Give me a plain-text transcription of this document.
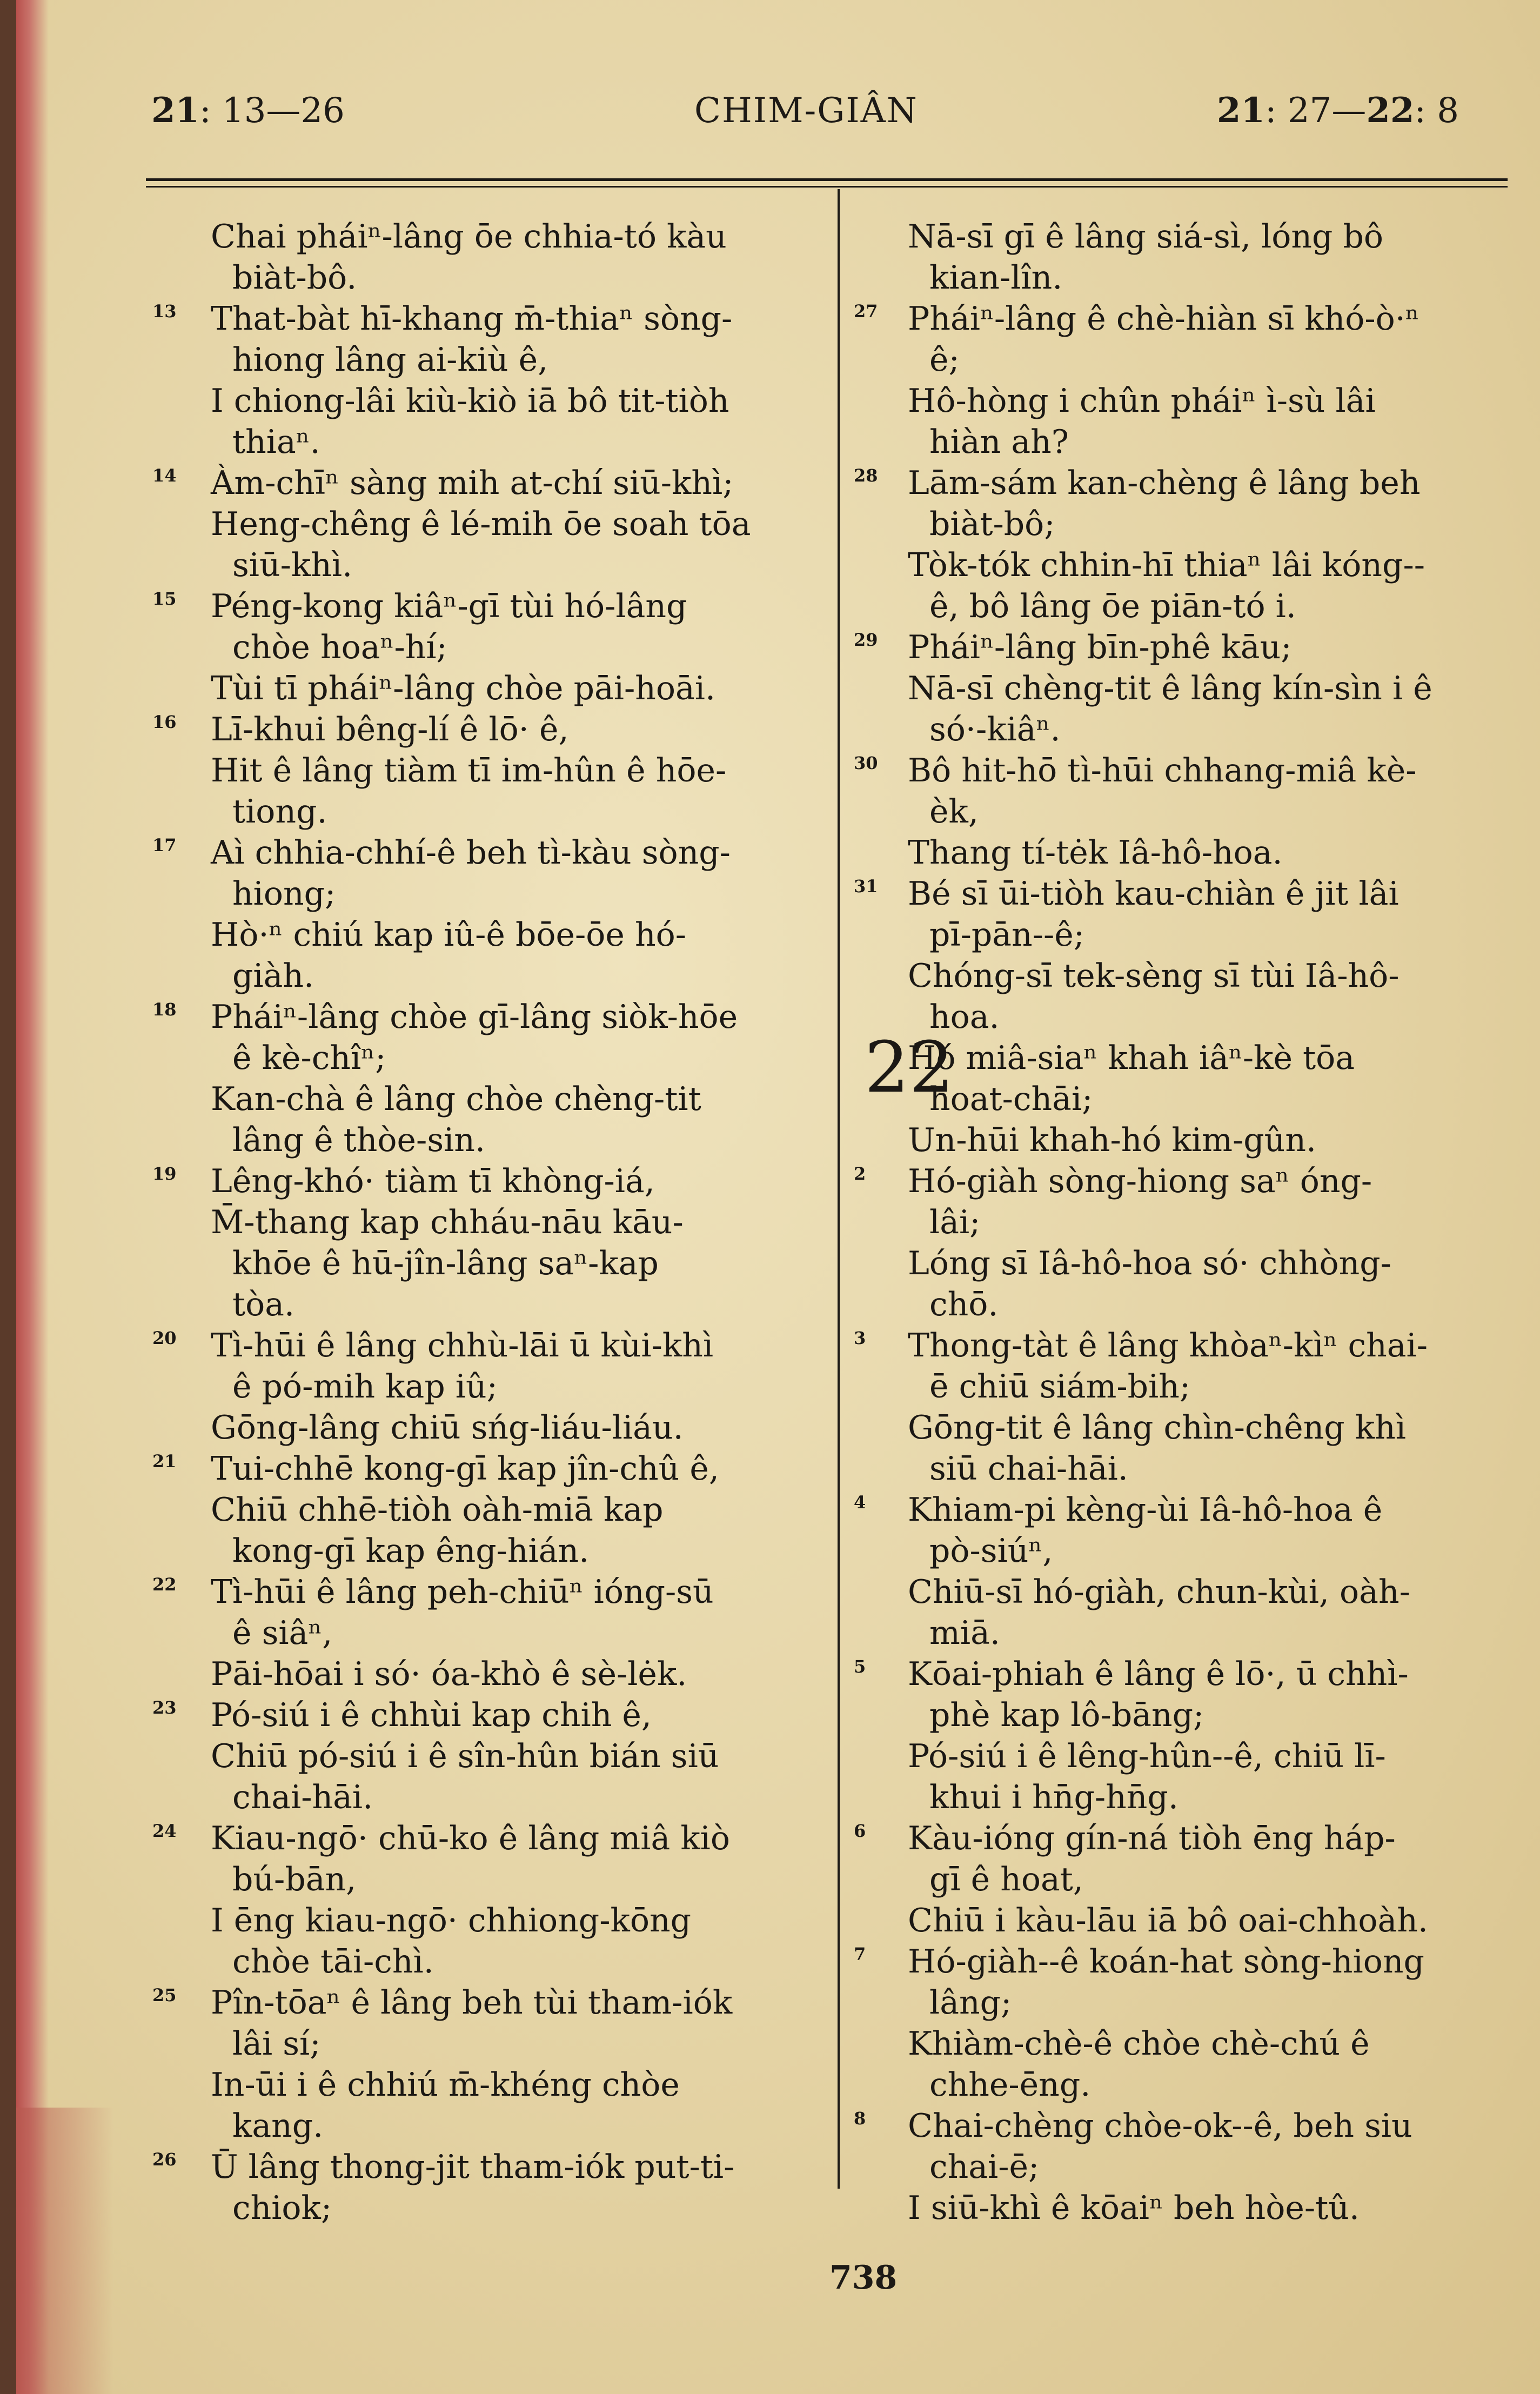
21: 13—26	CHIM-GIÂN	21: 27—22: 8
Chai pháiⁿ-lâng ōe chhia-tó kàu
biàt-bô.
13 That-bàt hī-khang m̄-thiaⁿ sòng-
hiong lâng ai-kiù ê,
I chiong-lâi kiù-kiò iā bô tit-tiòh
thiaⁿ.
14 Àm-chīⁿ sàng mih at-chí siū-khì;
Heng-chêng ê lé-mih ōe soah tōa
siū-khì.
15 Péng-kong kiâⁿ-gī tùi hó-lâng
chòe hoaⁿ-hí;
Tùi tī pháiⁿ-lâng chòe pāi-hoāi.
16 Lī-khui bêng-lí ê lō· ê,
Hit ê lâng tiàm tī im-hûn ê hōe-
tiong.
17 Aì chhia-chhí-ê beh tì-kàu sòng-
hiong;
Hò·ⁿ chiú kap iû-ê bōe-ōe hó-
giàh.
18 Pháiⁿ-lâng chòe gī-lâng siòk-hōe
ê kè-chîⁿ;
Kan-chà ê lâng chòe chèng-tit
lâng ê thòe-sin.
19 Lêng-khó· tiàm tī khòng-iá,
M̄-thang kap chháu-nāu kāu-
khōe ê hū-jîn-lâng saⁿ-kap
tòa.
20 Tì-hūi ê lâng chhù-lāi ū kùi-khì
ê pó-mih kap iû;
Gōng-lâng chiū sńg-liáu-liáu.
21 Tui-chhē kong-gī kap jîn-chû ê,
Chiū chhē-tiòh oàh-miā kap
kong-gī kap êng-hián.
22 Tì-hūi ê lâng peh-chiūⁿ ióng-sū
ê siâⁿ,
Pāi-hōai i só· óa-khò ê sè-lėk.
23 Pó-siú i ê chhùi kap chih ê,
Chiū pó-siú i ê sîn-hûn bián siū
chai-hāi.
24 Kiau-ngō· chū-ko ê lâng miâ kiò
bú-bān,
I ēng kiau-ngō· chhiong-kōng
chòe tāi-chì.
25 Pîn-tōaⁿ ê lâng beh tùi tham-iók
lâi sí;
In-ūi i ê chhiú m̄-khéng chòe
kang.
26 Ū lâng thong-jit tham-iók put-ti-
chiok;
Nā-sī gī ê lâng siá-sì, lóng bô
kian-lîn.
27 Pháiⁿ-lâng ê chè-hiàn sī khó-ò·ⁿ
ê;
Hô-hòng i chûn pháiⁿ ì-sù lâi
hiàn ah?
28 Lām-sám kan-chèng ê lâng beh
biàt-bô;
Tòk-tók chhin-hī thiaⁿ lâi kóng--
ê, bô lâng ōe piān-tó i.
29 Pháiⁿ-lâng bīn-phê kāu;
Nā-sī chèng-tit ê lâng kín-sìn i ê
só·-kiâⁿ.
30 Bô hit-hō tì-hūi chhang-miâ kè-
èk,
Thang tí-tėk Iâ-hô-hoa.
31 Bé sī ūi-tiòh kau-chiàn ê jit lâi
pī-pān--ê;
Chóng-sī tek-sèng sī tùi Iâ-hô-
hoa.
22
Hó miâ-siaⁿ khah iâⁿ-kè tōa
hoat-chāi;
Un-hūi khah-hó kim-gûn.
2 Hó-giàh sòng-hiong saⁿ óng-
lâi;
Lóng sī Iâ-hô-hoa só· chhòng-
chō.
3 Thong-tàt ê lâng khòaⁿ-kìⁿ chai-
ē chiū siám-bih;
Gōng-tit ê lâng chìn-chêng khì
siū chai-hāi.
4 Khiam-pi kèng-ùi Iâ-hô-hoa ê
pò-siúⁿ,
Chiū-sī hó-giàh, chun-kùi, oàh-
miā.
5 Kōai-phiah ê lâng ê lō·, ū chhì-
phè kap lô-bāng;
Pó-siú i ê lêng-hûn--ê, chiū lī-
khui i hn̄g-hn̄g.
6 Kàu-ióng gín-ná tiòh ēng háp-
gī ê hoat,
Chiū i kàu-lāu iā bô oai-chhoàh.
7 Hó-giàh--ê koán-hat sòng-hiong
lâng;
Khiàm-chè-ê chòe chè-chú ê
chhe-ēng.
8 Chai-chèng chòe-ok--ê, beh siu
chai-ē;
I siū-khì ê kōaiⁿ beh hòe-tû.
738
